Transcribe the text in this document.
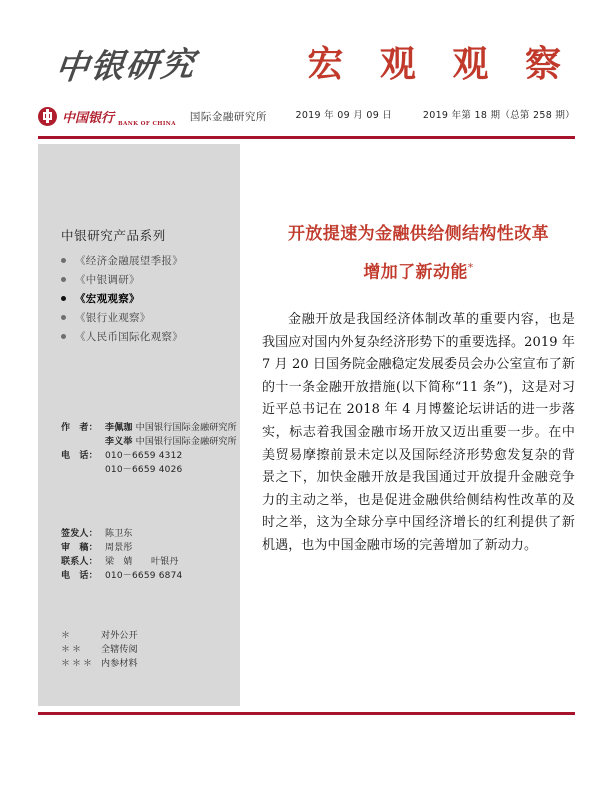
中银研究	宏 观 观 察
中国银行 BANK OF CHINA
国际金融研究所	2019 年 09 月 09 日	2019 年第 18 期（总第 258 期）
中银研究产品系列
《经济金融展望季报》
《中银调研》
《宏观观察》
《银行业观察》
《人民币国际化观察》
作　者： 李佩珈 中国银行国际金融研究所
李义举 中国银行国际金融研究所
电　话： 010－6659 4312
010－6659 4026
签发人： 陈卫东
审　稿： 周景彤
联系人： 梁　婧　　叶银丹
电　话： 010－6659 6874
＊	对外公开
＊＊	全辖传阅
＊＊＊ 内参材料
开放提速为金融供给侧结构性改革
增加了新动能*

金融开放是我国经济体制改革的重要内容，也是我国应对国内外复杂经济形势下的重要选择。2019 年 7 月 20 日国务院金融稳定发展委员会办公室宣布了新的十一条金融开放措施(以下简称“11 条”)，这是对习近平总书记在 2018 年 4 月博鳌论坛讲话的进一步落实，标志着我国金融市场开放又迈出重要一步。在中美贸易摩擦前景未定以及国际经济形势愈发复杂的背景之下，加快金融开放是我国通过开放提升金融竞争力的主动之举，也是促进金融供给侧结构性改革的及时之举，这为全球分享中国经济增长的红利提供了新机遇，也为中国金融市场的完善增加了新动力。
